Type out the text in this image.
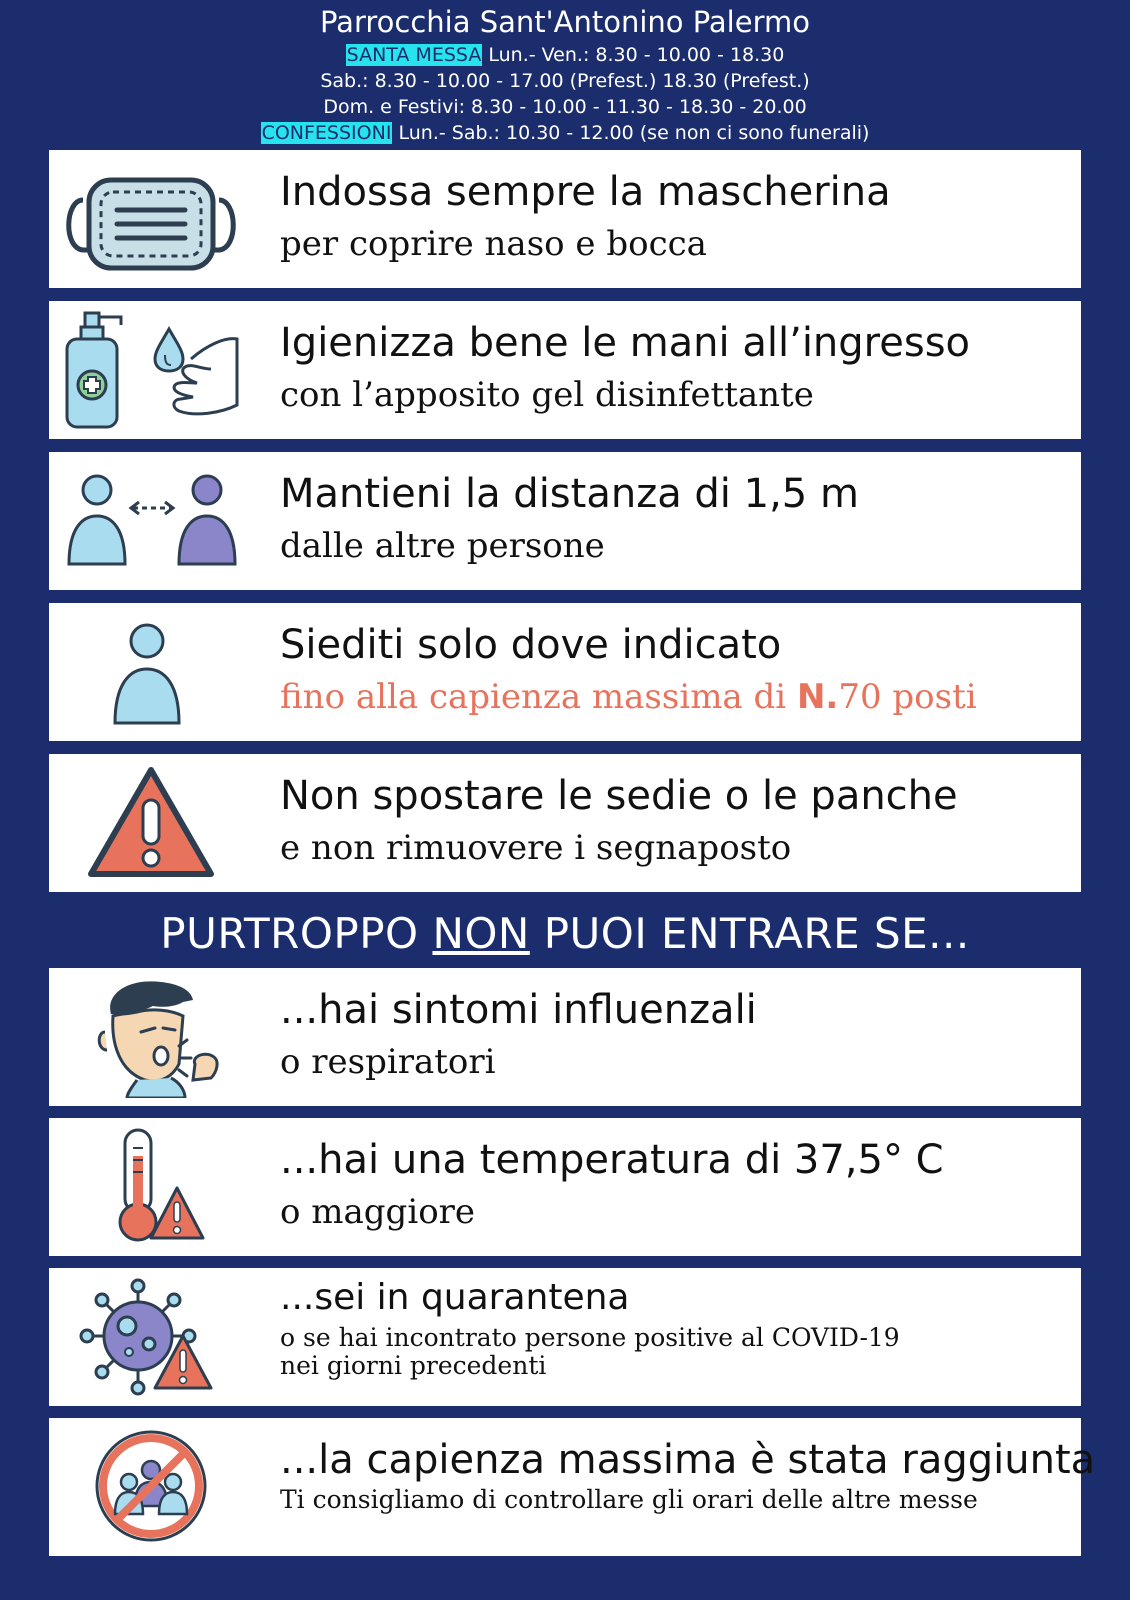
Parrocchia Sant'Antonino Palermo
SANTA MESSA Lun.- Ven.: 8.30 - 10.00 - 18.30
Sab.: 8.30 - 10.00 - 17.00 (Prefest.) 18.30 (Prefest.)
Dom. e Festivi: 8.30 - 10.00 - 11.30 - 18.30 - 20.00
CONFESSIONI Lun.- Sab.: 10.30 - 12.00 (se non ci sono funerali)
Indossa sempre la mascherina
per coprire naso e bocca
Igienizza bene le mani all’ingresso
con l’apposito gel disinfettante
Mantieni la distanza di 1,5 m
dalle altre persone
Siediti solo dove indicato
fino alla capienza massima di N.70 posti
Non spostare le sedie o le panche
e non rimuovere i segnaposto
PURTROPPO NON PUOI ENTRARE SE...
...hai sintomi influenzali
o respiratori
...hai una temperatura di 37,5° C
o maggiore
...sei in quarantena
o se hai incontrato persone positive al COVID-19
nei giorni precedenti
...la capienza massima è stata raggiunta
Ti consigliamo di controllare gli orari delle altre messe
